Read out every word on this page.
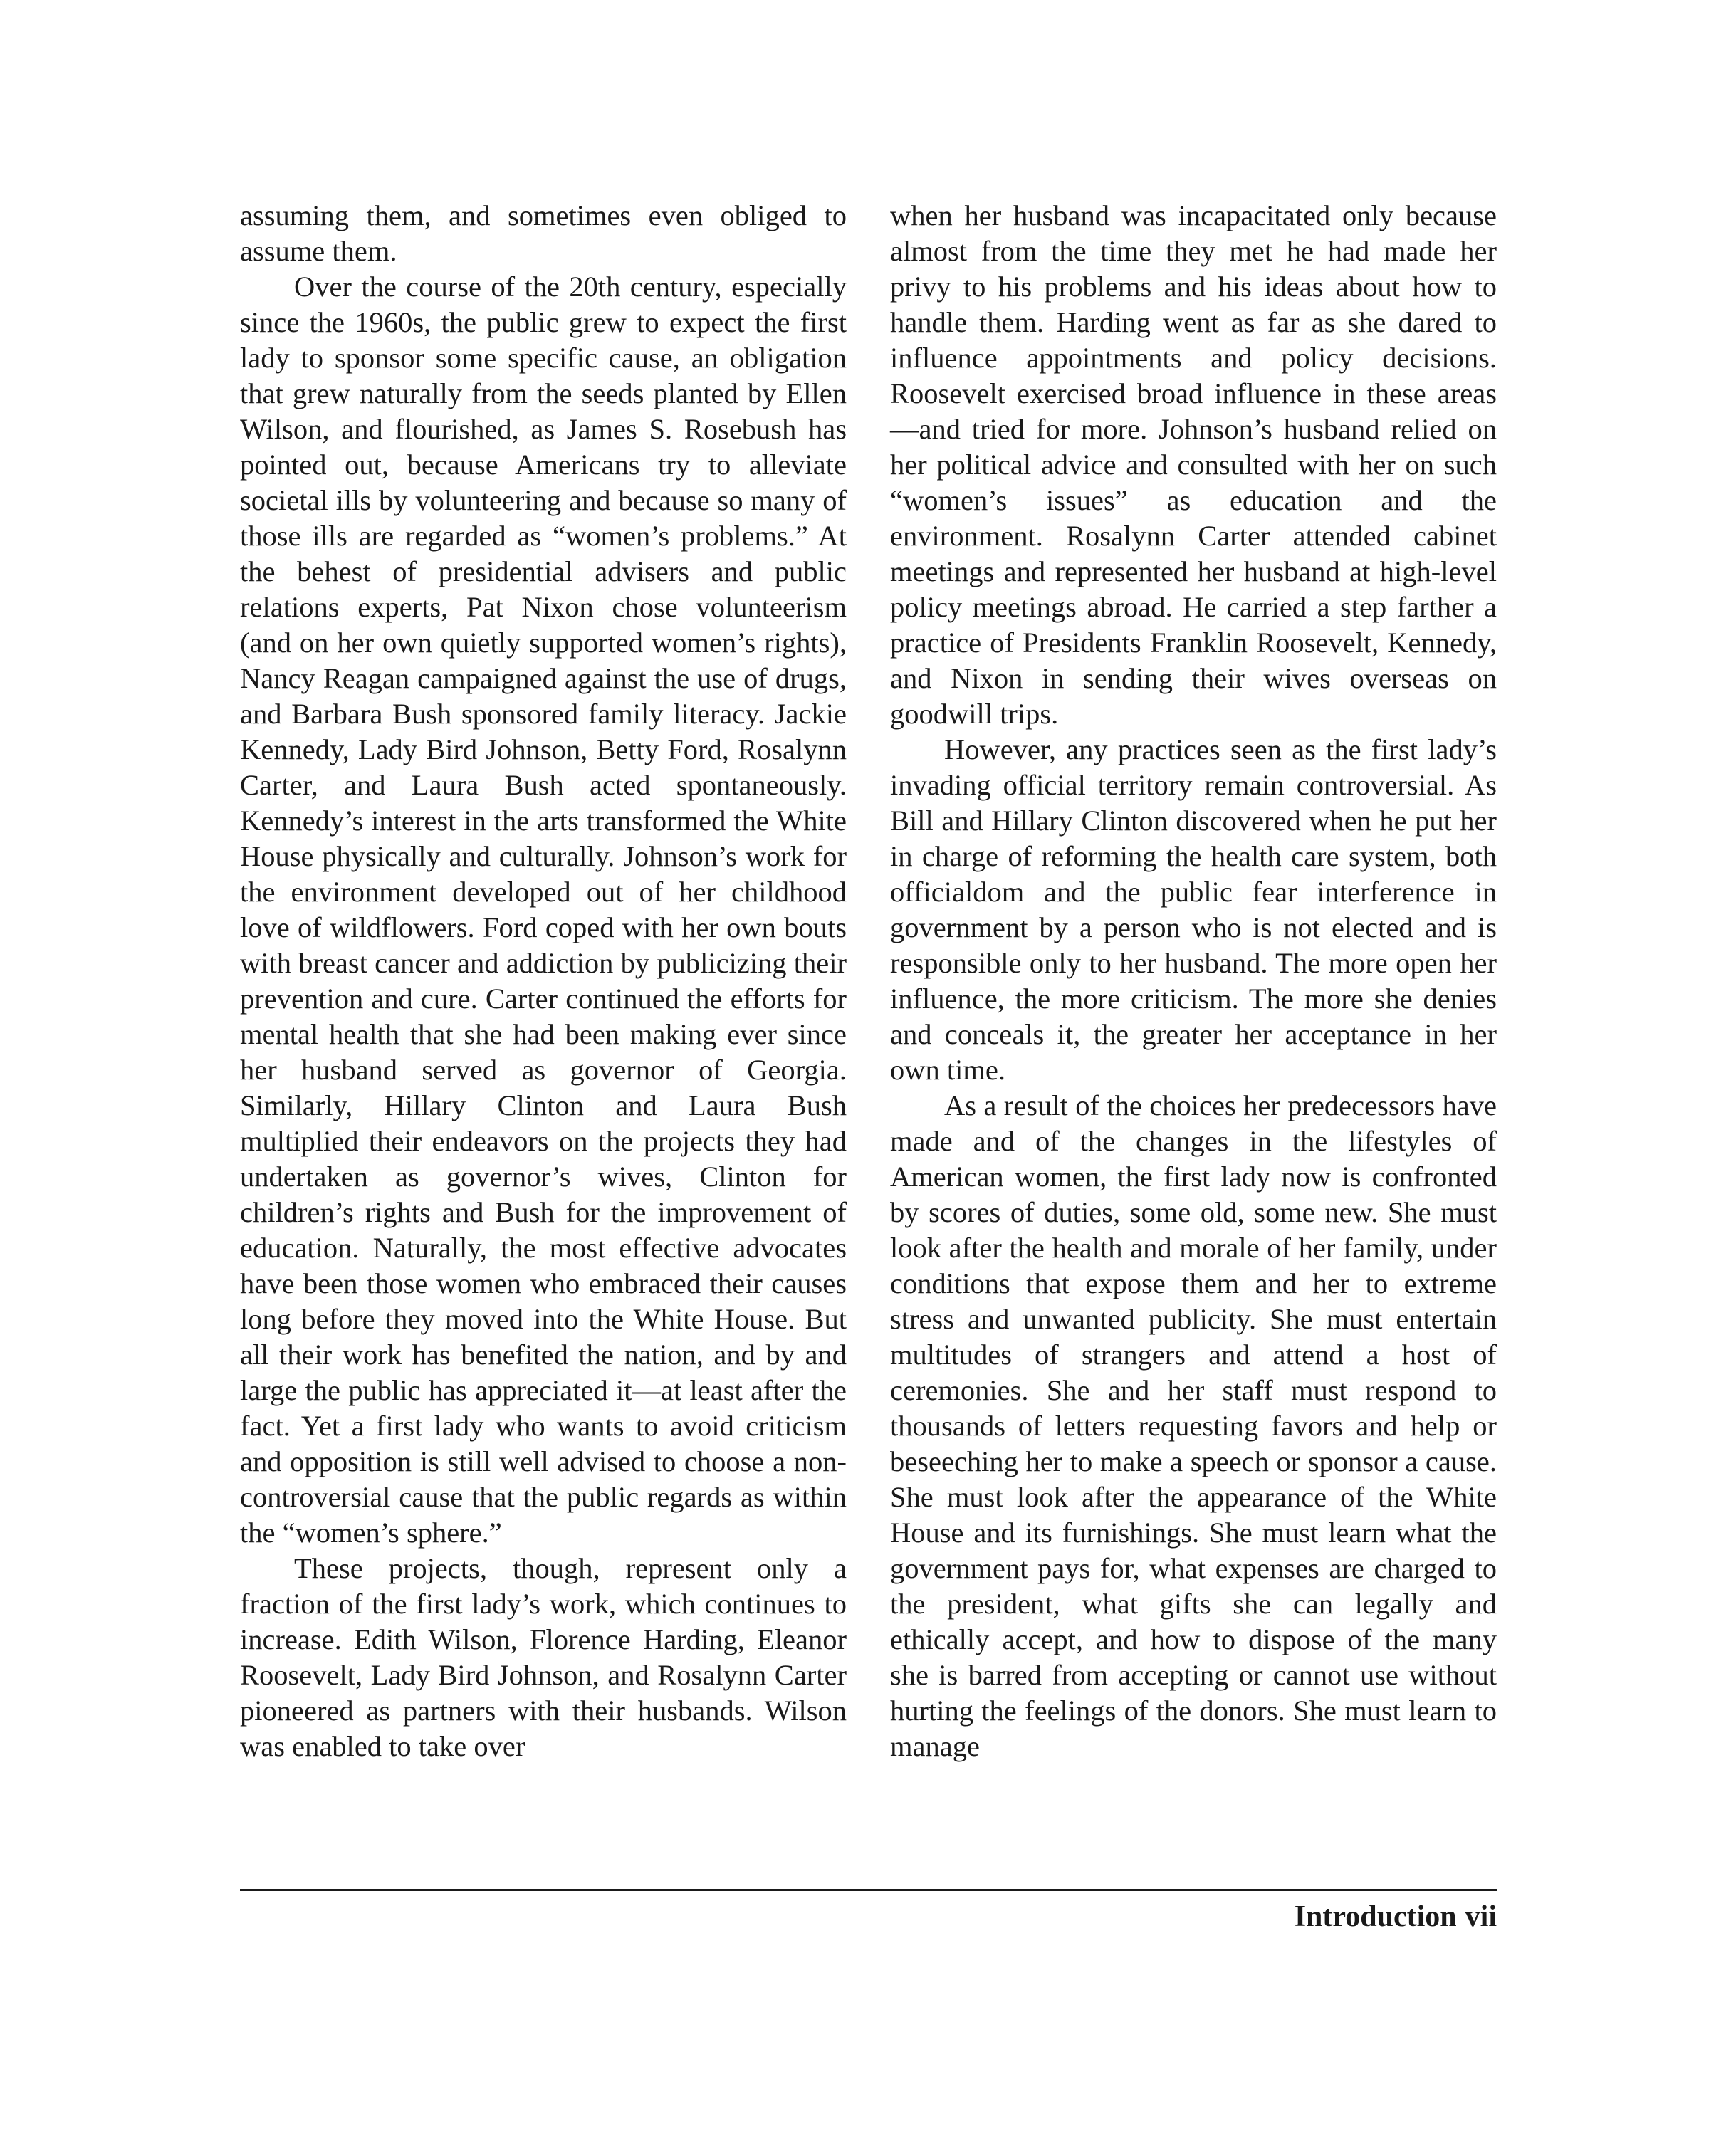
assuming them, and sometimes even obliged to assume them.

Over the course of the 20th century, especially since the 1960s, the public grew to expect the first lady to sponsor some specific cause, an obligation that grew naturally from the seeds planted by Ellen Wilson, and flourished, as James S. Rosebush has pointed out, because Americans try to alleviate societal ills by volunteering and because so many of those ills are regarded as “women’s problems.” At the behest of presidential advisers and public relations experts, Pat Nixon chose volunteerism (and on her own quietly supported women’s rights), Nancy Reagan campaigned against the use of drugs, and Barbara Bush sponsored family literacy. Jackie Kennedy, Lady Bird Johnson, Betty Ford, Rosalynn Carter, and Laura Bush acted spontaneously. Kennedy’s interest in the arts transformed the White House physically and culturally. Johnson’s work for the environment developed out of her childhood love of wildflowers. Ford coped with her own bouts with breast cancer and addiction by publicizing their prevention and cure. Carter continued the efforts for mental health that she had been making ever since her husband served as governor of Georgia. Similarly, Hillary Clinton and Laura Bush multiplied their endeavors on the projects they had undertaken as governor’s wives, Clinton for children’s rights and Bush for the improvement of education. Naturally, the most effective advocates have been those women who embraced their causes long before they moved into the White House. But all their work has benefited the nation, and by and large the public has appreciated it—at least after the fact. Yet a first lady who wants to avoid criticism and opposition is still well advised to choose a non-controversial cause that the public regards as within the “women’s sphere.”

These projects, though, represent only a fraction of the first lady’s work, which continues to increase. Edith Wilson, Florence Harding, Eleanor Roosevelt, Lady Bird Johnson, and Rosalynn Carter pioneered as partners with their husbands. Wilson was enabled to take over

when her husband was incapacitated only because almost from the time they met he had made her privy to his problems and his ideas about how to handle them. Harding went as far as she dared to influence appointments and policy decisions. Roosevelt exercised broad influence in these areas—and tried for more. Johnson’s husband relied on her political advice and consulted with her on such “women’s issues” as education and the environment. Rosalynn Carter attended cabinet meetings and represented her husband at high-level policy meetings abroad. He carried a step farther a practice of Presidents Franklin Roosevelt, Kennedy, and Nixon in sending their wives overseas on goodwill trips.

However, any practices seen as the first lady’s invading official territory remain controversial. As Bill and Hillary Clinton discovered when he put her in charge of reforming the health care system, both officialdom and the public fear interference in government by a person who is not elected and is responsible only to her husband. The more open her influence, the more criticism. The more she denies and conceals it, the greater her acceptance in her own time.

As a result of the choices her predecessors have made and of the changes in the lifestyles of American women, the first lady now is confronted by scores of duties, some old, some new. She must look after the health and morale of her family, under conditions that expose them and her to extreme stress and unwanted publicity. She must entertain multitudes of strangers and attend a host of ceremonies. She and her staff must respond to thousands of letters requesting favors and help or beseeching her to make a speech or sponsor a cause. She must look after the appearance of the White House and its furnishings. She must learn what the government pays for, what expenses are charged to the president, what gifts she can legally and ethically accept, and how to dispose of the many she is barred from accepting or cannot use without hurting the feelings of the donors. She must learn to manage

Introduction vii
